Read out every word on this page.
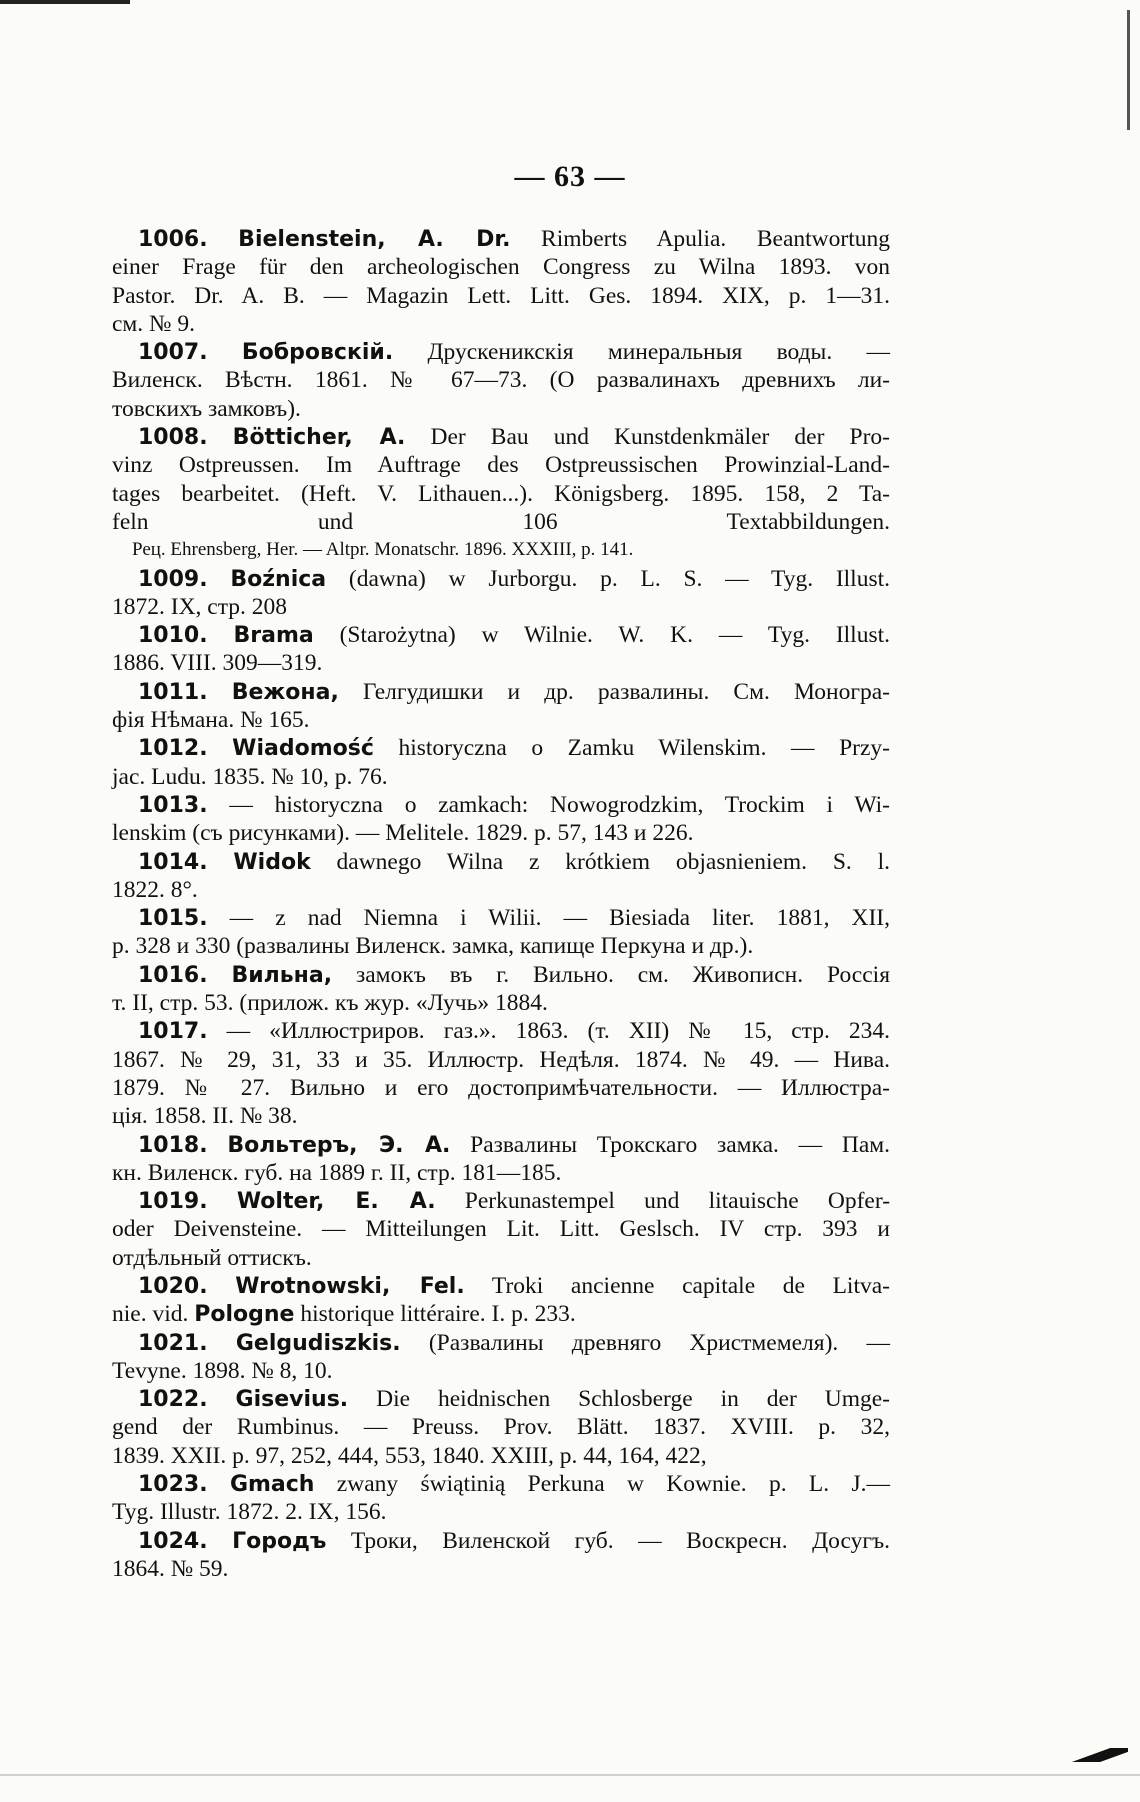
— 63 —
1006. Bielenstein, A. Dr. Rimberts Apulia. Beantwortung
einer Frage für den archeologischen Congress zu Wilna 1893. von
Pastor. Dr. A. B. — Magazin Lett. Litt. Ges. 1894. XIX, p. 1—31.
см. № 9.
1007. Бобровскій. Друскеникскія минеральныя воды. —
Виленск. Вѣстн. 1861. № 67—73. (О развалинахъ древнихъ ли-
товскихъ замковъ).
1008. Bötticher, A. Der Bau und Kunstdenkmäler der Pro-
vinz Ostpreussen. Im Auftrage des Ostpreussischen Prowinzial-Land-
tages bearbeitet. (Heft. V. Lithauen...). Königsberg. 1895. 158, 2 Ta-
feln und 106 Textabbildungen.
Рец. Ehrensberg, Her. — Altpr. Monatschr. 1896. XXXIII, p. 141.
1009. Boźnica (dawna) w Jurborgu. p. L. S. — Tyg. Illust.
1872. IX, стр. 208
1010. Brama (Starożytna) w Wilnie. W. K. — Tyg. Illust.
1886. VIII. 309—319.
1011. Вежона, Гелгудишки и др. развалины. См. Моногра-
фія Нѣмана. № 165.
1012. Wiadomość historyczna o Zamku Wilenskim. — Przy-
jac. Ludu. 1835. № 10, p. 76.
1013. — historyczna o zamkach: Nowogrodzkim, Trockim i Wi-
lenskim (съ рисунками). — Melitele. 1829. p. 57, 143 и 226.
1014. Widok dawnego Wilna z krótkiem objasnieniem. S. l.
1822. 8°.
1015. — z nad Niemna i Wilii. — Biesiada liter. 1881, XII,
p. 328 и 330 (развалины Виленск. замка, капище Перкуна и др.).
1016. Вильна, замокъ въ г. Вильно. см. Живописн. Россія
т. II, стр. 53. (прилож. къ жур. «Лучь» 1884.
1017. — «Иллюстриров. газ.». 1863. (т. XII) № 15, стр. 234.
1867. № 29, 31, 33 и 35. Иллюстр. Недѣля. 1874. № 49. — Нива.
1879. № 27. Вильно и его достопримѣчательности. — Иллюстра-
ція. 1858. II. № 38.
1018. Вольтеръ, Э. А. Развалины Трокскаго замка. — Пам.
кн. Виленск. губ. на 1889 г. II, стр. 181—185.
1019. Wolter, E. A. Perkunastempel und litauische Opfer-
oder Deivensteine. — Mitteilungen Lit. Litt. Geslsch. IV стр. 393 и
отдѣльный оттискъ.
1020. Wrotnowski, Fel. Troki ancienne capitale de Litva-
nie. vid. Pologne historique littéraire. I. p. 233.
1021. Gelgudiszkis. (Развалины древняго Христмемеля). —
Tevyne. 1898. № 8, 10.
1022. Gisevius. Die heidnischen Schlosberge in der Umge-
gend der Rumbinus. — Preuss. Prov. Blätt. 1837. XVIII. p. 32,
1839. XXII. p. 97, 252, 444, 553, 1840. XXIII, p. 44, 164, 422,
1023. Gmach zwany świątinią Perkuna w Kownie. p. L. J.—
Tyg. Illustr. 1872. 2. IX, 156.
1024. Городъ Троки, Виленской губ. — Воскресн. Досугъ.
1864. № 59.
